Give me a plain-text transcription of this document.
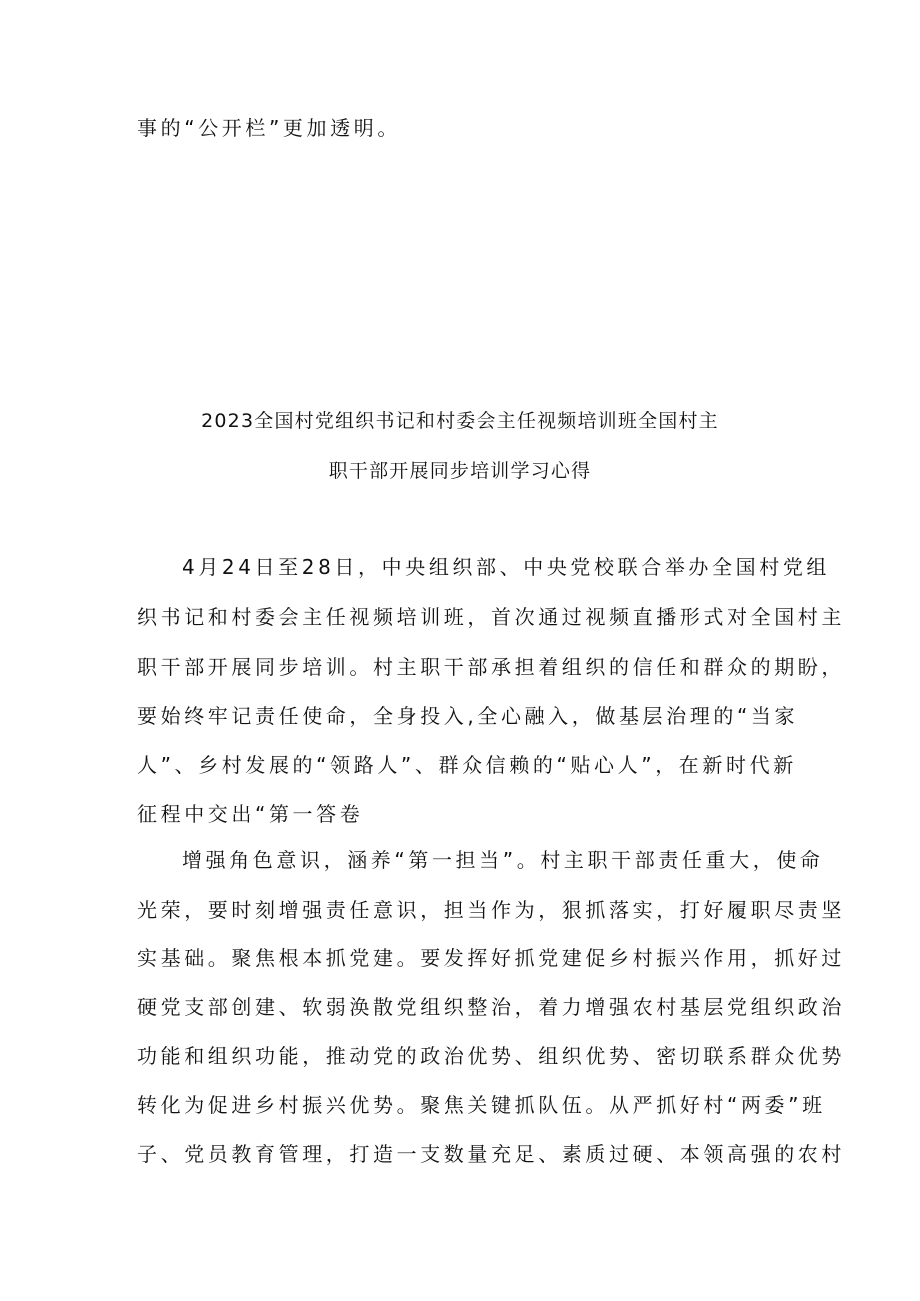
事的“公开栏”更加透明。
2023全国村党组织书记和村委会主任视频培训班全国村主
职干部开展同步培训学习心得
4月24日至28日，中央组织部、中央党校联合举办全国村党组
织书记和村委会主任视频培训班，首次通过视频直播形式对全国村主
职干部开展同步培训。村主职干部承担着组织的信任和群众的期盼，
要始终牢记责任使命，全身投入,全心融入，做基层治理的“当家
人”、乡村发展的“领路人”、群众信赖的“贴心人”，在新时代新
征程中交出“第一答卷
增强角色意识，涵养“第一担当”。村主职干部责任重大，使命
光荣，要时刻增强责任意识，担当作为，狠抓落实，打好履职尽责坚
实基础。聚焦根本抓党建。要发挥好抓党建促乡村振兴作用，抓好过
硬党支部创建、软弱涣散党组织整治，着力增强农村基层党组织政治
功能和组织功能，推动党的政治优势、组织优势、密切联系群众优势
转化为促进乡村振兴优势。聚焦关键抓队伍。从严抓好村“两委”班
子、党员教育管理，打造一支数量充足、素质过硬、本领高强的农村
